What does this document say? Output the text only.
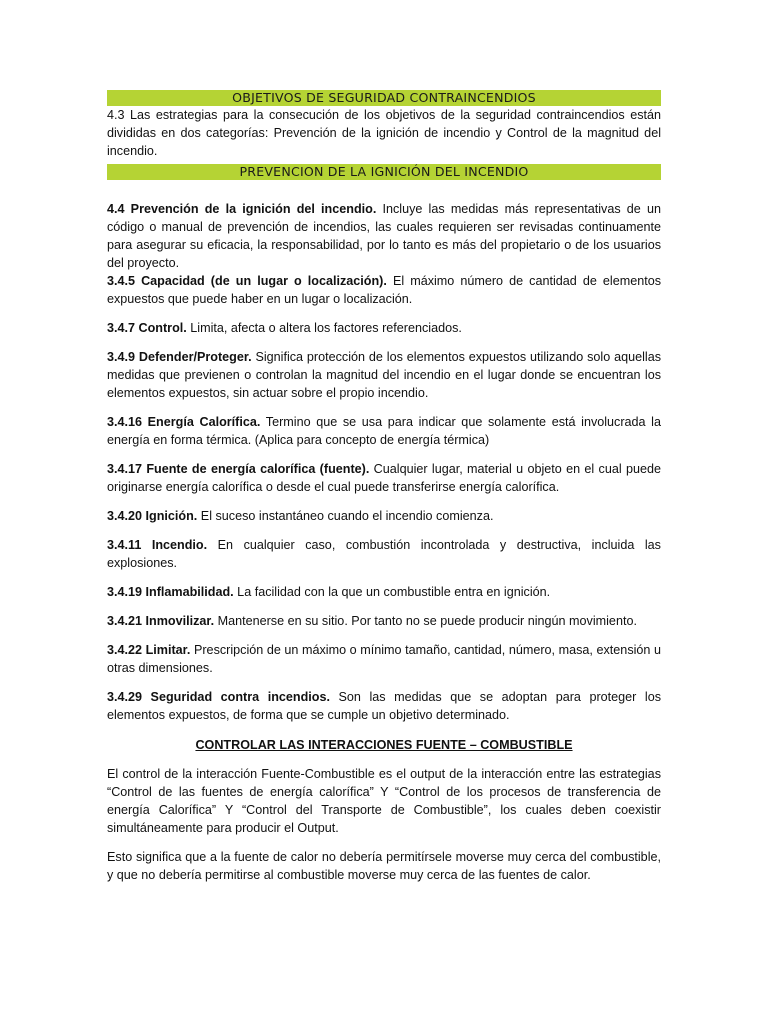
OBJETIVOS DE SEGURIDAD CONTRAINCENDIOS

4.3 Las estrategias para la consecución de los objetivos de la seguridad contraincendios están divididas en dos categorías: Prevención de la ignición de incendio y Control de la magnitud del incendio.

PREVENCION DE LA IGNICIÓN DEL INCENDIO

4.4 Prevención de la ignición del incendio. Incluye las medidas más representativas de un código o manual de prevención de incendios, las cuales requieren ser revisadas continuamente para asegurar su eficacia, la responsabilidad, por lo tanto es más del propietario o de los usuarios del proyecto.

3.4.5 Capacidad (de un lugar o localización). El máximo número de cantidad de elementos expuestos que puede haber en un lugar o localización.

3.4.7 Control. Limita, afecta o altera los factores referenciados.

3.4.9 Defender/Proteger. Significa protección de los elementos expuestos utilizando solo aquellas medidas que previenen o controlan la magnitud del incendio en el lugar donde se encuentran los elementos expuestos, sin actuar sobre el propio incendio.

3.4.16 Energía Calorífica. Termino que se usa para indicar que solamente está involucrada la energía en forma térmica. (Aplica para concepto de energía térmica)

3.4.17 Fuente de energía calorífica (fuente). Cualquier lugar, material u objeto en el cual puede originarse energía calorífica o desde el cual puede transferirse energía calorífica.

3.4.20 Ignición. El suceso instantáneo cuando el incendio comienza.

3.4.11 Incendio. En cualquier caso, combustión incontrolada y destructiva, incluida las explosiones.

3.4.19 Inflamabilidad. La facilidad con la que un combustible entra en ignición.

3.4.21 Inmovilizar. Mantenerse en su sitio. Por tanto no se puede producir ningún movimiento.

3.4.22 Limitar. Prescripción de un máximo o mínimo tamaño, cantidad, número, masa, extensión u otras dimensiones.

3.4.29 Seguridad contra incendios. Son las medidas que se adoptan para proteger los elementos expuestos, de forma que se cumple un objetivo determinado.

CONTROLAR LAS INTERACCIONES FUENTE – COMBUSTIBLE

El control de la interacción Fuente-Combustible es el output de la interacción entre las estrategias “Control de las fuentes de energía calorífica” Y “Control de los procesos de transferencia de energía Calorífica” Y “Control del Transporte de Combustible”, los cuales deben coexistir simultáneamente para producir el Output.

Esto significa que a la fuente de calor no debería permitírsele moverse muy cerca del combustible, y que no debería permitirse al combustible moverse muy cerca de las fuentes de calor.
